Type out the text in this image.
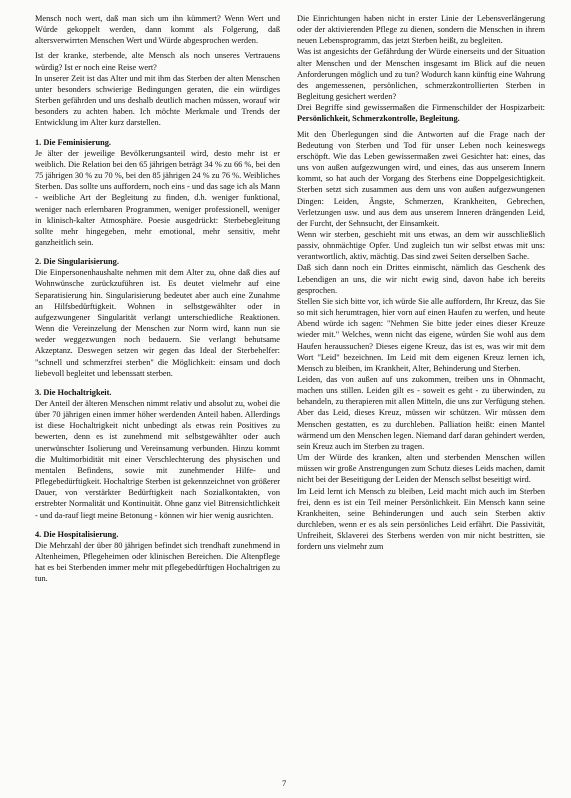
Mensch noch wert, daß man sich um ihn kümmert? Wenn Wert und Würde gekoppelt werden, dann kommt als Folgerung, daß altersverwirrten Menschen Wert und Würde abgesprochen werden.

Ist der kranke, sterbende, alte Mensch als noch unseres Vertrauens würdig? Ist er noch eine Reise wert?

In unserer Zeit ist das Alter und mit ihm das Sterben der alten Menschen unter besonders schwierige Bedingungen geraten, die ein würdiges Sterben gefährden und uns deshalb deutlich machen müssen, worauf wir besonders zu achten haben. Ich möchte Merkmale und Trends der Entwicklung im Alter kurz darstellen.

1. Die Feminisierung.

Je älter der jeweilige Bevölkerungsanteil wird, desto mehr ist er weiblich. Die Relation bei den 65 jährigen beträgt 34 % zu 66 %, bei den 75 jährigen 30 % zu 70 %, bei den 85 jährigen 24 % zu 76 %. Weibliches Sterben. Das sollte uns auffordern, noch eins - und das sage ich als Mann - weibliche Art der Begleitung zu finden, d.h. weniger funktional, weniger nach erlernbaren Programmen, weniger professionell, weniger in klinisch-kalter Atmosphäre. Poesie ausgedrückt: Sterbebegleitung sollte mehr hingegeben, mehr emotional, mehr sensitiv, mehr ganzheitlich sein.

2. Die Singularisierung.

Die Einpersonenhaushalte nehmen mit dem Alter zu, ohne daß dies auf Wohnwünsche zurückzuführen ist. Es deutet vielmehr auf eine Separatisierung hin. Singularisierung bedeutet aber auch eine Zunahme an Hilfsbedürftigkeit. Wohnen in selbstgewählter oder in aufgezwungener Singularität verlangt unterschiedliche Reaktionen. Wenn die Vereinzelung der Menschen zur Norm wird, kann nun sie weder weggezwungen noch bedauern. Sie verlangt behutsame Akzeptanz. Deswegen setzen wir gegen das Ideal der Sterbehelfer: "schnell und schmerzfrei sterben" die Möglichkeit: einsam und doch liebevoll begleitet und lebenssatt sterben.

3. Die Hochaltrigkeit.

Der Anteil der älteren Menschen nimmt relativ und absolut zu, wobei die über 70 jährigen einen immer höher werdenden Anteil haben. Allerdings ist diese Hochaltrigkeit nicht unbedingt als etwas rein Positives zu bewerten, denn es ist zunehmend mit selbstgewählter oder auch unerwünschter Isolierung und Vereinsamung verbunden. Hinzu kommt die Multimorbidität mit einer Verschlechterung des physischen und mentalen Befindens, sowie mit zunehmender Hilfe- und Pflegebedürftigkeit. Hochaltrige Sterben ist gekennzeichnet von größerer Dauer, von verstärkter Bedürftigkeit nach Sozialkontakten, von erstrebter Normalität und Kontinuität. Ohne ganz viel Bitrensichtlichkeit - und da-rauf liegt meine Betonung - können wir hier wenig ausrichten.

4. Die Hospitalisierung.

Die Mehrzahl der über 80 jährigen befindet sich trendhaft zunehmend in Altenheimen, Pflegeheimen oder klinischen Bereichen. Die Altenpflege hat es bei Sterbenden immer mehr mit pflegebedürftigen Hochaltrigen zu tun.

Die Einrichtungen haben nicht in erster Linie der Lebensverlängerung oder der aktivierenden Pflege zu dienen, sondern die Menschen in ihrem neuen Lebensprogramm, das jetzt Sterben heißt, zu begleiten.

Was ist angesichts der Gefährdung der Würde einerseits und der Situation alter Menschen und der Menschen insgesamt im Blick auf die neuen Anforderungen möglich und zu tun? Wodurch kann künftig eine Wahrung des angemessenen, persönlichen, schmerzkontrollierten Sterben in Begleitung gesichert werden?

Drei Begriffe sind gewissermaßen die Firmenschilder der Hospizarbeit: Persönlichkeit, Schmerzkontrolle, Begleitung.

Mit den Überlegungen sind die Antworten auf die Frage nach der Bedeutung von Sterben und Tod für unser Leben noch keineswegs erschöpft. Wie das Leben gewissermaßen zwei Gesichter hat: eines, das uns von außen aufgezwungen wird, und eines, das aus unserem Innern kommt, so hat auch der Vorgang des Sterbens eine Doppelgesichtigkeit. Sterben setzt sich zusammen aus dem uns von außen aufgezwungenen Dingen: Leiden, Ängste, Schmerzen, Krankheiten, Gebrechen, Verletzungen usw. und aus dem aus unserem Inneren drängenden Leid, der Furcht, der Sehnsucht, der Einsamkeit.

Wenn wir sterben, geschieht mit uns etwas, an dem wir ausschließlich passiv, ohnmächtige Opfer. Und zugleich tun wir selbst etwas mit uns: verantwortlich, aktiv, mächtig. Das sind zwei Seiten derselben Sache.

Daß sich dann noch ein Drittes einmischt, nämlich das Geschenk des Lebendigen an uns, die wir nicht ewig sind, davon habe ich bereits gesprochen.

Stellen Sie sich bitte vor, ich würde Sie alle auffordern, Ihr Kreuz, das Sie so mit sich herumtragen, hier vorn auf einen Haufen zu werfen, und heute Abend würde ich sagen: "Nehmen Sie bitte jeder eines dieser Kreuze wieder mit." Welches, wenn nicht das eigene, würden Sie wohl aus dem Haufen heraussuchen? Dieses eigene Kreuz, das ist es, was wir mit dem Wort "Leid" bezeichnen. Im Leid mit dem eigenen Kreuz lernen ich, Mensch zu bleiben, im Krankheit, Alter, Behinderung und Sterben.

Leiden, das von außen auf uns zukommen, treiben uns in Ohnmacht, machen uns stillen. Leiden gilt es - soweit es geht - zu überwinden, zu behandeln, zu therapieren mit allen Mitteln, die uns zur Verfügung stehen. Aber das Leid, dieses Kreuz, müssen wir schützen. Wir müssen dem Menschen gestatten, es zu durchleben. Palliation heißt: einen Mantel wärmend um den Menschen legen. Niemand darf daran gehindert werden, sein Kreuz auch im Sterben zu tragen.

Um der Würde des kranken, alten und sterbenden Menschen willen müssen wir große Anstrengungen zum Schutz dieses Leids machen, damit nicht bei der Beseitigung der Leiden der Mensch selbst beseitigt wird.

Im Leid lernt ich Mensch zu bleiben, Leid macht mich auch im Sterben frei, denn es ist ein Teil meiner Persönlichkeit. Ein Mensch kann seine Krankheiten, seine Behinderungen und auch sein Sterben aktiv durchleben, wenn er es als sein persönliches Leid erfährt. Die Passivität, Unfreiheit, Sklaverei des Sterbens werden von mir nicht bestritten, sie fordern uns vielmehr zum

7
